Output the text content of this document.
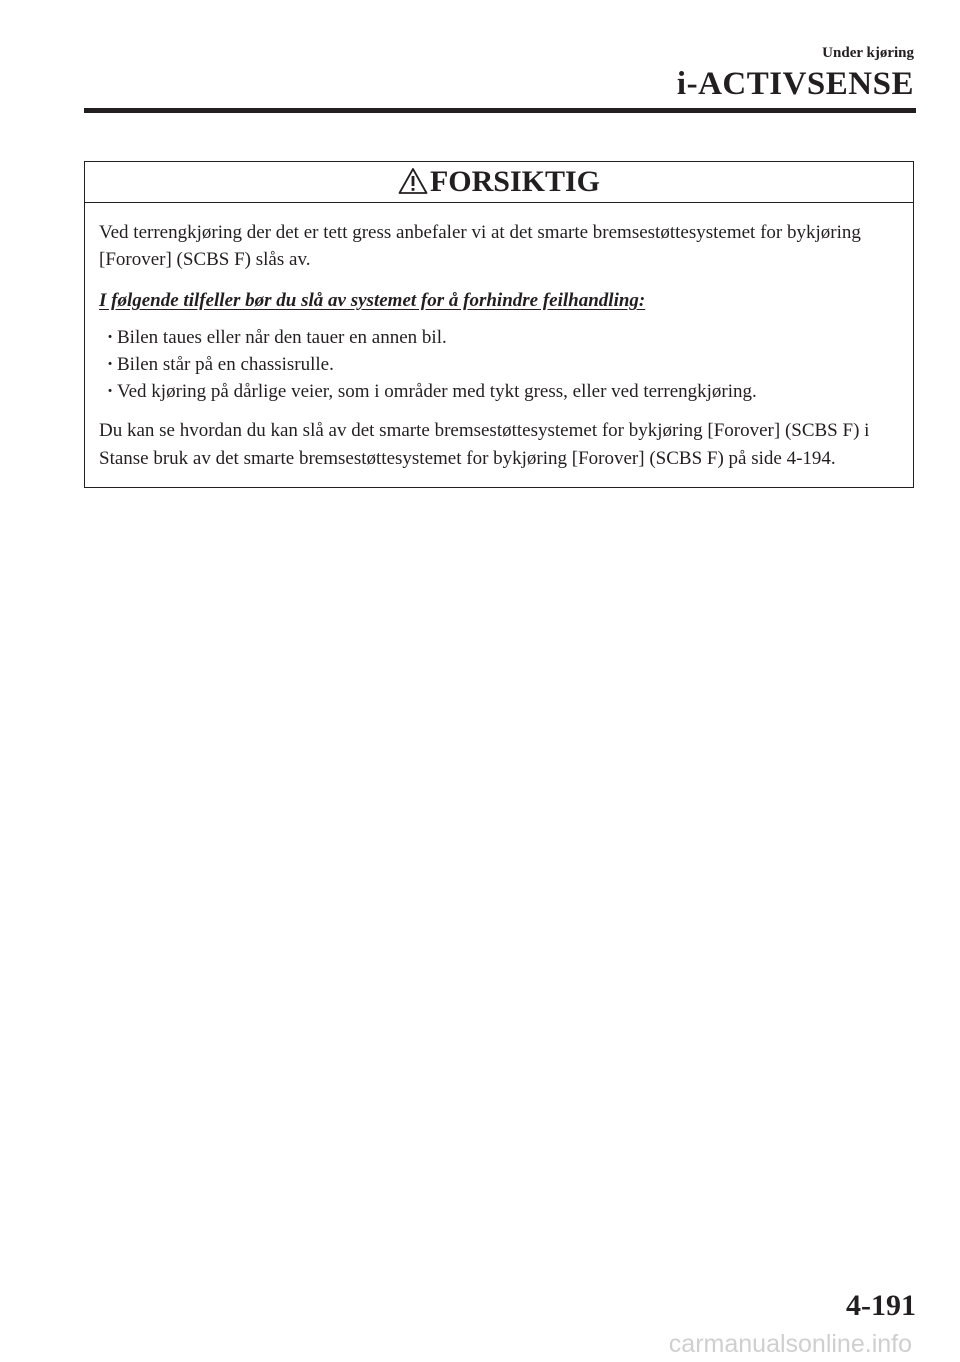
Under kjøring
i-ACTIVSENSE
FORSIKTIG

Ved terrengkjøring der det er tett gress anbefaler vi at det smarte bremsestøttesystemet for bykjøring [Forover] (SCBS F) slås av.

I følgende tilfeller bør du slå av systemet for å forhindre feilhandling:

· Bilen taues eller når den tauer en annen bil.
· Bilen står på en chassisrulle.
· Ved kjøring på dårlige veier, som i områder med tykt gress, eller ved terrengkjøring.

Du kan se hvordan du kan slå av det smarte bremsestøttesystemet for bykjøring [Forover] (SCBS F) i Stanse bruk av det smarte bremsestøttesystemet for bykjøring [Forover] (SCBS F) på side 4-194.

4-191
carmanualsonline.info
